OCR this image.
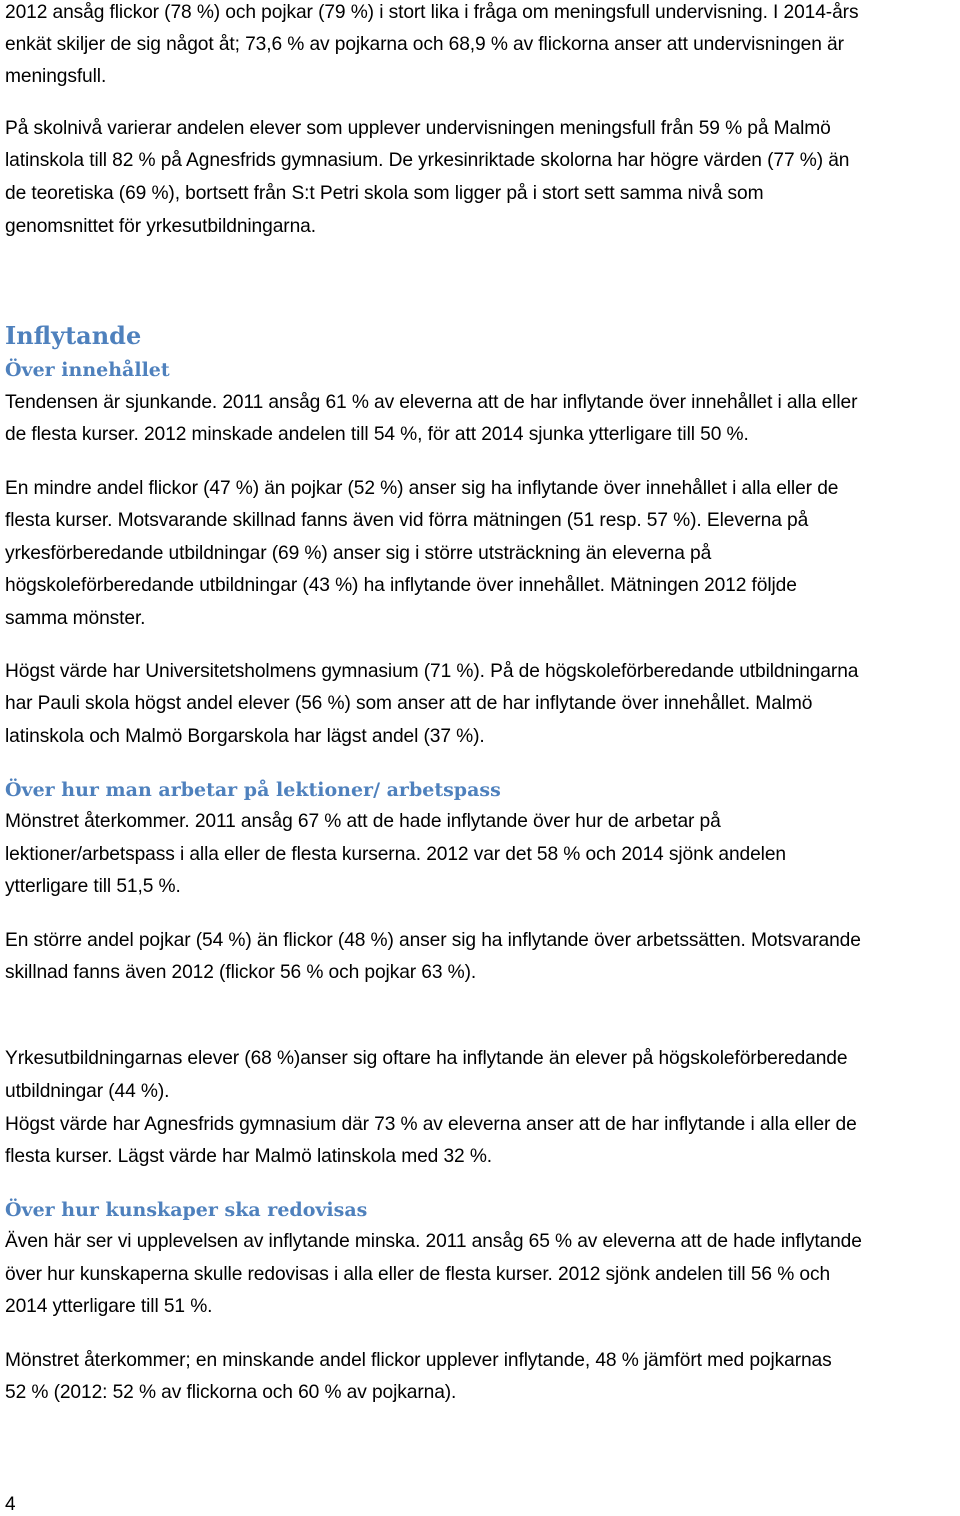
2012 ansåg flickor (78 %) och pojkar (79 %) i stort lika i fråga om meningsfull undervisning. I 2014-års
enkät skiljer de sig något åt; 73,6 % av pojkarna och 68,9 % av flickorna anser att undervisningen är
meningsfull.
På skolnivå varierar andelen elever som upplever undervisningen meningsfull från 59 % på Malmö
latinskola till 82 % på Agnesfrids gymnasium. De yrkesinriktade skolorna har högre värden (77 %) än
de teoretiska (69 %), bortsett från S:t Petri skola som ligger på i stort sett samma nivå som
genomsnittet för yrkesutbildningarna.
Inflytande
Över innehållet
Tendensen är sjunkande. 2011 ansåg 61 % av eleverna att de har inflytande över innehållet i alla eller
de flesta kurser. 2012 minskade andelen till 54 %, för att 2014 sjunka ytterligare till 50 %.
En mindre andel flickor (47 %) än pojkar (52 %) anser sig ha inflytande över innehållet i alla eller de
flesta kurser. Motsvarande skillnad fanns även vid förra mätningen (51 resp. 57 %). Eleverna på
yrkesförberedande utbildningar (69 %) anser sig i större utsträckning än eleverna på
högskoleförberedande utbildningar (43 %) ha inflytande över innehållet. Mätningen 2012 följde
samma mönster.
Högst värde har Universitetsholmens gymnasium (71 %). På de högskoleförberedande utbildningarna
har Pauli skola högst andel elever (56 %) som anser att de har inflytande över innehållet. Malmö
latinskola och Malmö Borgarskola har lägst andel (37 %).
Över hur man arbetar på lektioner/ arbetspass
Mönstret återkommer. 2011 ansåg 67 % att de hade inflytande över hur de arbetar på
lektioner/arbetspass i alla eller de flesta kurserna. 2012 var det 58 % och 2014 sjönk andelen
ytterligare till 51,5 %.
En större andel pojkar (54 %) än flickor (48 %) anser sig ha inflytande över arbetssätten. Motsvarande
skillnad fanns även 2012 (flickor 56 % och pojkar 63 %).
Yrkesutbildningarnas elever (68 %)anser sig oftare ha inflytande än elever på högskoleförberedande
utbildningar (44 %).
Högst värde har Agnesfrids gymnasium där 73 % av eleverna anser att de har inflytande i alla eller de
flesta kurser. Lägst värde har Malmö latinskola med 32 %.
Över hur kunskaper ska redovisas
Även här ser vi upplevelsen av inflytande minska. 2011 ansåg 65 % av eleverna att de hade inflytande
över hur kunskaperna skulle redovisas i alla eller de flesta kurser. 2012 sjönk andelen till 56 % och
2014 ytterligare till 51 %.
Mönstret återkommer; en minskande andel flickor upplever inflytande, 48 % jämfört med pojkarnas
52 % (2012: 52 % av flickorna och 60 % av pojkarna).
4
